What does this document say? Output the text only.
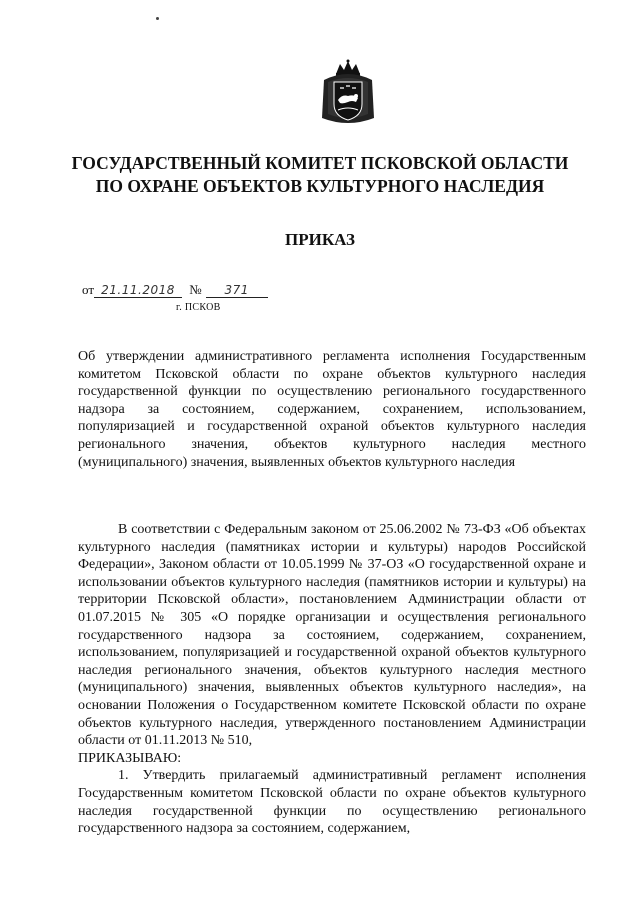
ГОСУДАРСТВЕННЫЙ КОМИТЕТ ПСКОВСКОЙ ОБЛАСТИ
ПО ОХРАНЕ ОБЪЕКТОВ КУЛЬТУРНОГО НАСЛЕДИЯ
ПРИКАЗ
от 21.11.2018 № 371
г. ПСКОВ
Об утверждении административного регламента исполнения Государственным комитетом Псковской области по охране объектов культурного наследия государственной функции по осуществлению регионального государственного надзора за состоянием, содержанием, сохранением, использованием, популяризацией и государственной охраной объектов культурного наследия регионального значения, объектов культурного наследия местного (муниципального) значения, выявленных объектов культурного наследия

В соответствии с Федеральным законом от 25.06.2002 № 73-ФЗ «Об объектах культурного наследия (памятниках истории и культуры) народов Российской Федерации», Законом области от 10.05.1999 № 37-ОЗ «О государственной охране и использовании объектов культурного наследия (памятников истории и культуры) на территории Псковской области», постановлением Администрации области от 01.07.2015 № 305 «О порядке организации и осуществления регионального государственного надзора за состоянием, содержанием, сохранением, использованием, популяризацией и государственной охраной объектов культурного наследия регионального значения, объектов культурного наследия местного (муниципального) значения, выявленных объектов культурного наследия», на основании Положения о Государственном комитете Псковской области по охране объектов культурного наследия, утвержденного постановлением Администрации области от 01.11.2013 № 510,

ПРИКАЗЫВАЮ:

1. Утвердить прилагаемый административный регламент исполнения Государственным комитетом Псковской области по охране объектов культурного наследия государственной функции по осуществлению регионального государственного надзора за состоянием, содержанием,
